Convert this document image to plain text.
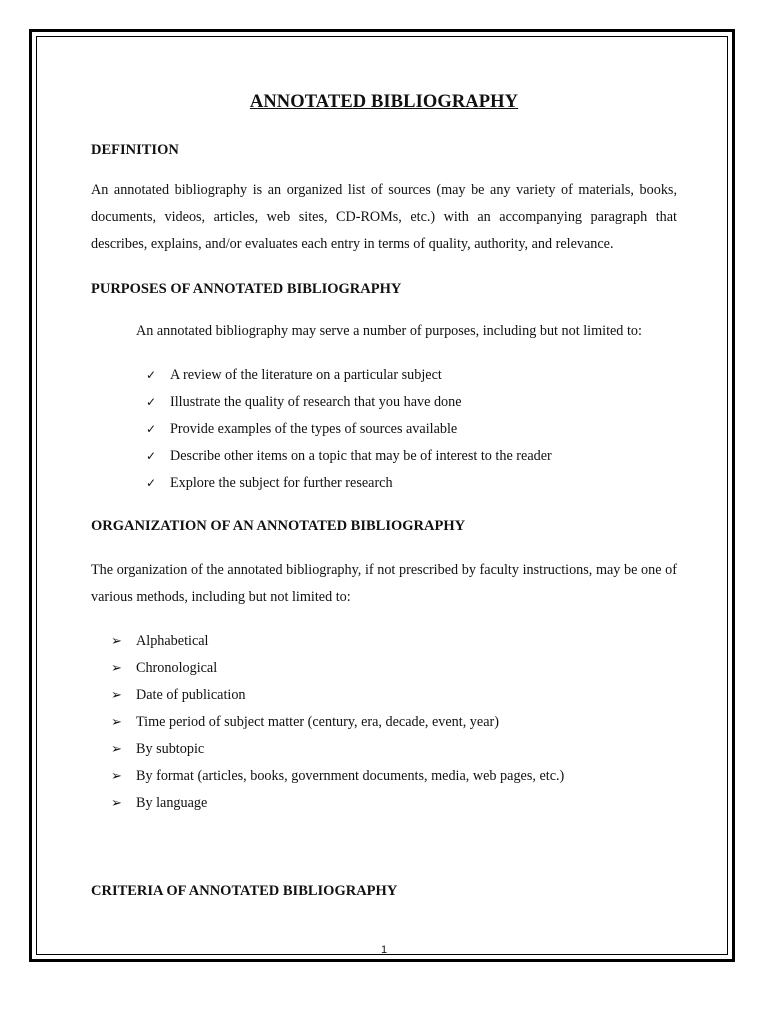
ANNOTATED BIBLIOGRAPHY
DEFINITION

An annotated bibliography is an organized list of sources (may be any variety of materials, books, documents, videos, articles, web sites, CD-ROMs, etc.) with an accompanying paragraph that describes, explains, and/or evaluates each entry in terms of quality, authority, and relevance.

PURPOSES OF ANNOTATED BIBLIOGRAPHY

An annotated bibliography may serve a number of purposes, including but not limited to:

✓ A review of the literature on a particular subject
✓ Illustrate the quality of research that you have done
✓ Provide examples of the types of sources available
✓ Describe other items on a topic that may be of interest to the reader
✓ Explore the subject for further research
ORGANIZATION OF AN ANNOTATED BIBLIOGRAPHY

The organization of the annotated bibliography, if not prescribed by faculty instructions, may be one of various methods, including but not limited to:

➢ Alphabetical
➢ Chronological
➢ Date of publication
➢ Time period of subject matter (century, era, decade, event, year)
➢ By subtopic
➢ By format (articles, books, government documents, media, web pages, etc.)
➢ By language
CRITERIA OF ANNOTATED BIBLIOGRAPHY

1
